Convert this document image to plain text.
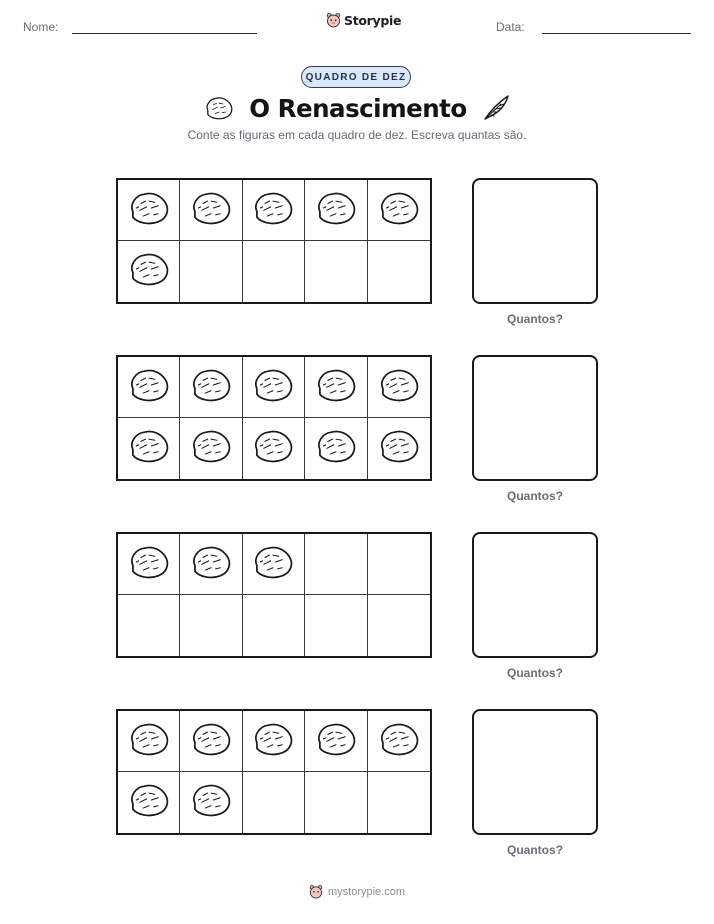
Nome:	Storypie	Data:
QUADRO DE DEZ
O Renascimento
Conte as figuras em cada quadro de dez. Escreva quantas são.
Quantos?
Quantos?
Quantos?
Quantos?
mystorypie.com
